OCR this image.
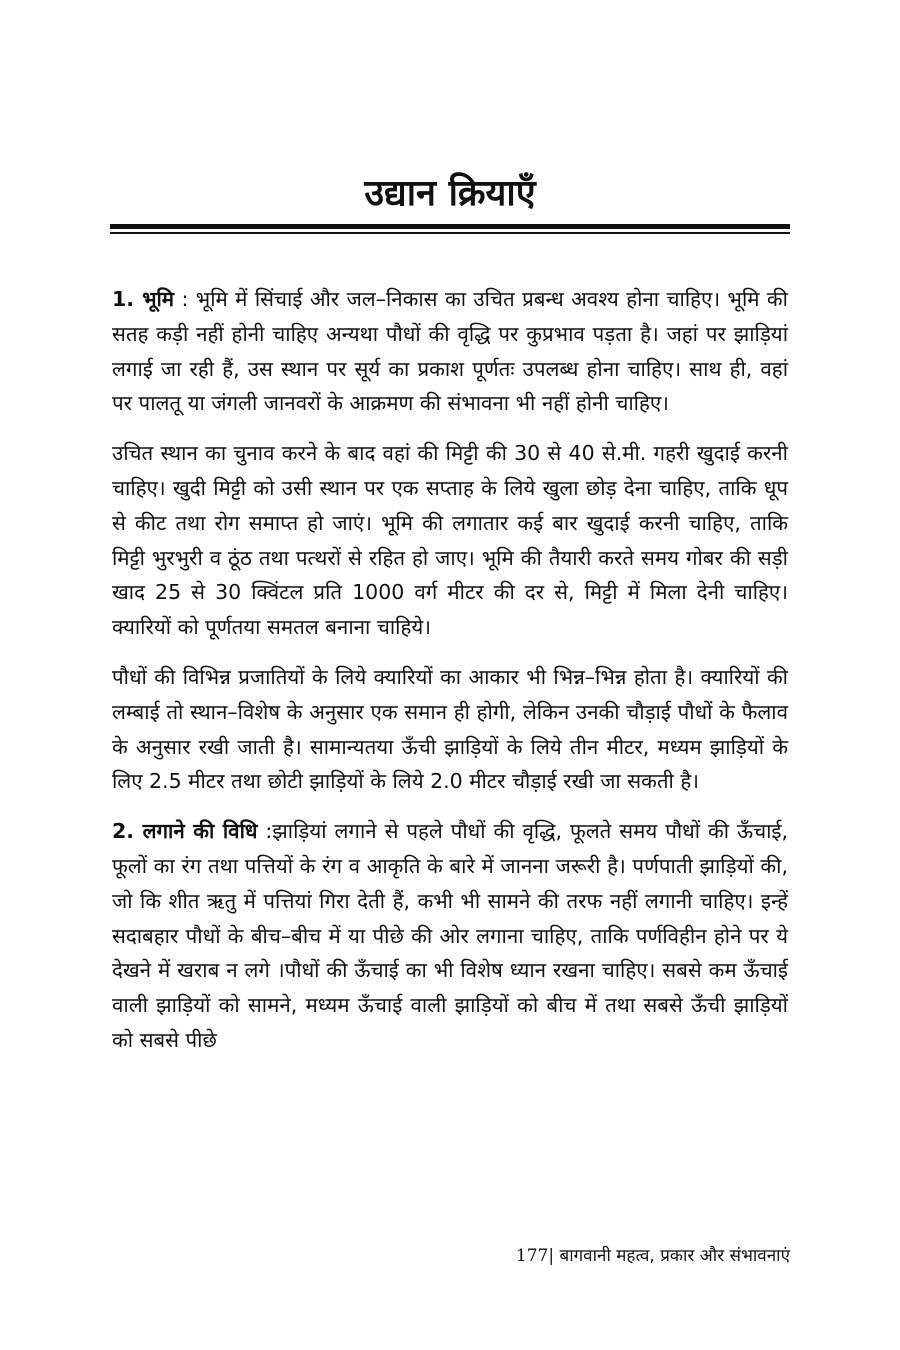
उद्यान क्रियाएँ

1. भूमि : भूमि में सिंचाई और जल–निकास का उचित प्रबन्ध अवश्य होना चाहिए। भूमि की सतह कड़ी नहीं होनी चाहिए अन्यथा पौधों की वृद्धि पर कुप्रभाव पड़ता है। जहां पर झाड़ियां लगाई जा रही हैं, उस स्थान पर सूर्य का प्रकाश पूर्णतः उपलब्ध होना चाहिए। साथ ही, वहां पर पालतू या जंगली जानवरों के आक्रमण की संभावना भी नहीं होनी चाहिए।

उचित स्थान का चुनाव करने के बाद वहां की मिट्टी की 30 से 40 से.मी. गहरी खुदाई करनी चाहिए। खुदी मिट्टी को उसी स्थान पर एक सप्ताह के लिये खुला छोड़ देना चाहिए, ताकि धूप से कीट तथा रोग समाप्त हो जाएं। भूमि की लगातार कई बार खुदाई करनी चाहिए, ताकि मिट्टी भुरभुरी व ठूंठ तथा पत्थरों से रहित हो जाए। भूमि की तैयारी करते समय गोबर की सड़ी खाद 25 से 30 क्विंटल प्रति 1000 वर्ग मीटर की दर से, मिट्टी में मिला देनी चाहिए। क्यारियों को पूर्णतया समतल बनाना चाहिये।

पौधों की विभिन्न प्रजातियों के लिये क्यारियों का आकार भी भिन्न–भिन्न होता है। क्यारियों की लम्बाई तो स्थान–विशेष के अनुसार एक समान ही होगी, लेकिन उनकी चौड़ाई पौधों के फैलाव के अनुसार रखी जाती है। सामान्यतया ऊँची झाड़ियों के लिये तीन मीटर, मध्यम झाड़ियों के लिए 2.5 मीटर तथा छोटी झाड़ियों के लिये 2.0 मीटर चौड़ाई रखी जा सकती है।

2. लगाने की विधि :झाड़ियां लगाने से पहले पौधों की वृद्धि, फूलते समय पौधों की ऊँचाई, फूलों का रंग तथा पत्तियों के रंग व आकृति के बारे में जानना जरूरी है। पर्णपाती झाड़ियों की, जो कि शीत ऋतु में पत्तियां गिरा देती हैं, कभी भी सामने की तरफ नहीं लगानी चाहिए। इन्हें सदाबहार पौधों के बीच–बीच में या पीछे की ओर लगाना चाहिए, ताकि पर्णविहीन होने पर ये देखने में खराब न लगे ।पौधों की ऊँचाई का भी विशेष ध्यान रखना चाहिए। सबसे कम ऊँचाई वाली झाड़ियों को सामने, मध्यम ऊँचाई वाली झाड़ियों को बीच में तथा सबसे ऊँची झाड़ियों को सबसे पीछे

177| बागवानी महत्व, प्रकार और संभावनाएं
